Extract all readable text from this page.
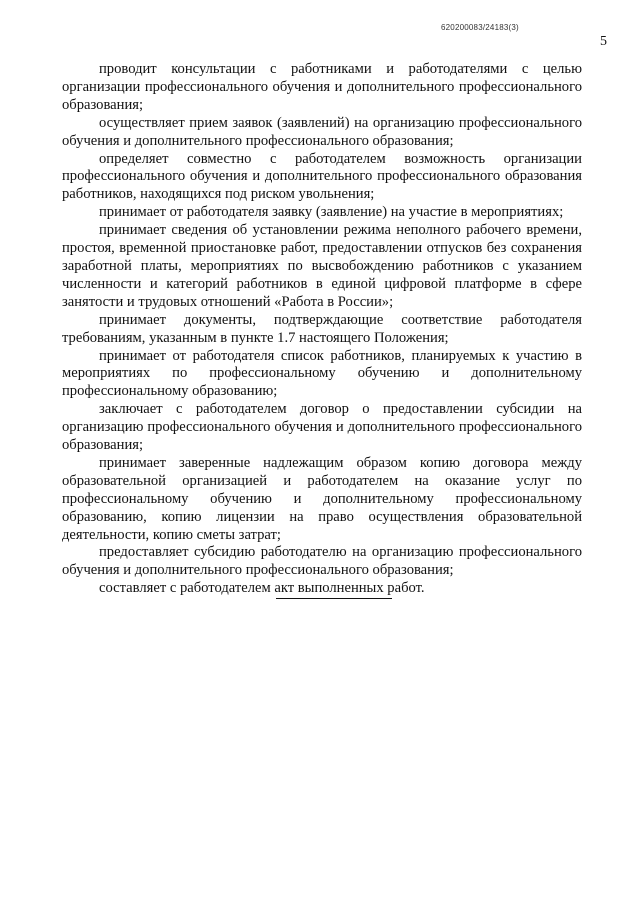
620200083/24183(3)
5

проводит консультации с работниками и работодателями с целью организации профессионального обучения и дополнительного профессионального образования;

осуществляет прием заявок (заявлений) на организацию профессионального обучения и дополнительного профессионального образования;

определяет совместно с работодателем возможность организации профессионального обучения и дополнительного профессионального образования работников, находящихся под риском увольнения;

принимает от работодателя заявку (заявление) на участие в мероприятиях;

принимает сведения об установлении режима неполного рабочего времени, простоя, временной приостановке работ, предоставлении отпусков без сохранения заработной платы, мероприятиях по высвобождению работников с указанием численности и категорий работников в единой цифровой платформе в сфере занятости и трудовых отношений «Работа в России»;

принимает документы, подтверждающие соответствие работодателя требованиям, указанным в пункте 1.7 настоящего Положения;

принимает от работодателя список работников, планируемых к участию в мероприятиях по профессиональному обучению и дополнительному профессиональному образованию;

заключает с работодателем договор о предоставлении субсидии на организацию профессионального обучения и дополнительного профессионального образования;

принимает заверенные надлежащим образом копию договора между образовательной организацией и работодателем на оказание услуг по профессиональному обучению и дополнительному профессиональному образованию, копию лицензии на право осуществления образовательной деятельности, копию сметы затрат;

предоставляет субсидию работодателю на организацию профессионального обучения и дополнительного профессионального образования;

составляет с работодателем акт выполненных работ.
